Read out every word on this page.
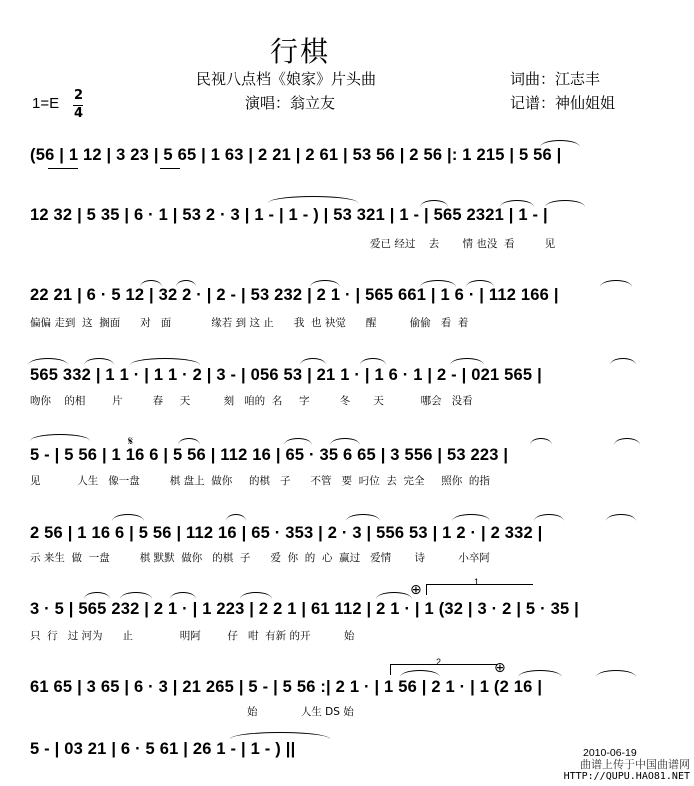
行棋
民视八点档《娘家》片头曲
演唱：翁立友
词曲：江志丰
记谱：神仙姐姐
1=E 2
4
(56 | 1 12 | 3 23 | 5 65 | 1 63 | 2 21 | 2 61 | 53 56 | 2 56 |: 1 215 | 5 56 |
12 32 | 5 35 | 6 · 1 | 53 2 · 3 | 1 - | 1 - ) | 53 321 | 1 - | 565 2321 | 1 - |
爱已 经过    去       情 也没  看         见
22 21 | 6 · 5 12 | 32 2 · | 2 - | 53 232 | 2 1 · | 565 661 | 1 6 · | 112 166 |
偏偏 走到  这  搁面      对   面            缘若 到 这 止      我  也 袂觉      醒          偷偷   看  着
565 332 | 1 1 · | 1 1 · 2 | 3 - | 056 53 | 21 1 · | 1 6 · 1 | 2 - | 021 565 |
吻你    的相        片         春     天          刻   咱的  名     字         冬       天           哪会   没看
5 - | 5 56 | 1 16 6 | 5 56 | 112 16 | 65 · 35 6 65 | 3 556 | 53 223 |
见           人生   像一盘         棋 盘上  做你     的棋   子      不管   要  叼位  去  完全     照你  的指
𝄋
2 56 | 1 16 6 | 5 56 | 112 16 | 65 · 353 | 2 · 3 | 556 53 | 1 2 · | 2 332 |
示 来生  做  一盘         棋 默默  做你   的棋  子      爱  你  的  心  赢过   爱情       诗          小卒阿
3 · 5 | 565 232 | 2 1 · | 1 223 | 2 2 1 | 61 112 | 2 1 · | 1 (32 | 3 · 2 | 5 · 35 |
只  行   过 河为      止              明阿        仔   咁  有新 的开          始
1
⊕
61 65 | 3 65 | 6 · 3 | 21 265 | 5 - | 5 56 :| 2 1 · | 1 56 | 2 1 · | 1 (2 16 |
始             人生 DS 始
2	⊕
5 - | 03 21 | 6 · 5 61 | 26 1 - | 1 - ) ||	2010-06-19
曲谱上传于中国曲谱网
HTTP://QUPU.HAO81.NET
